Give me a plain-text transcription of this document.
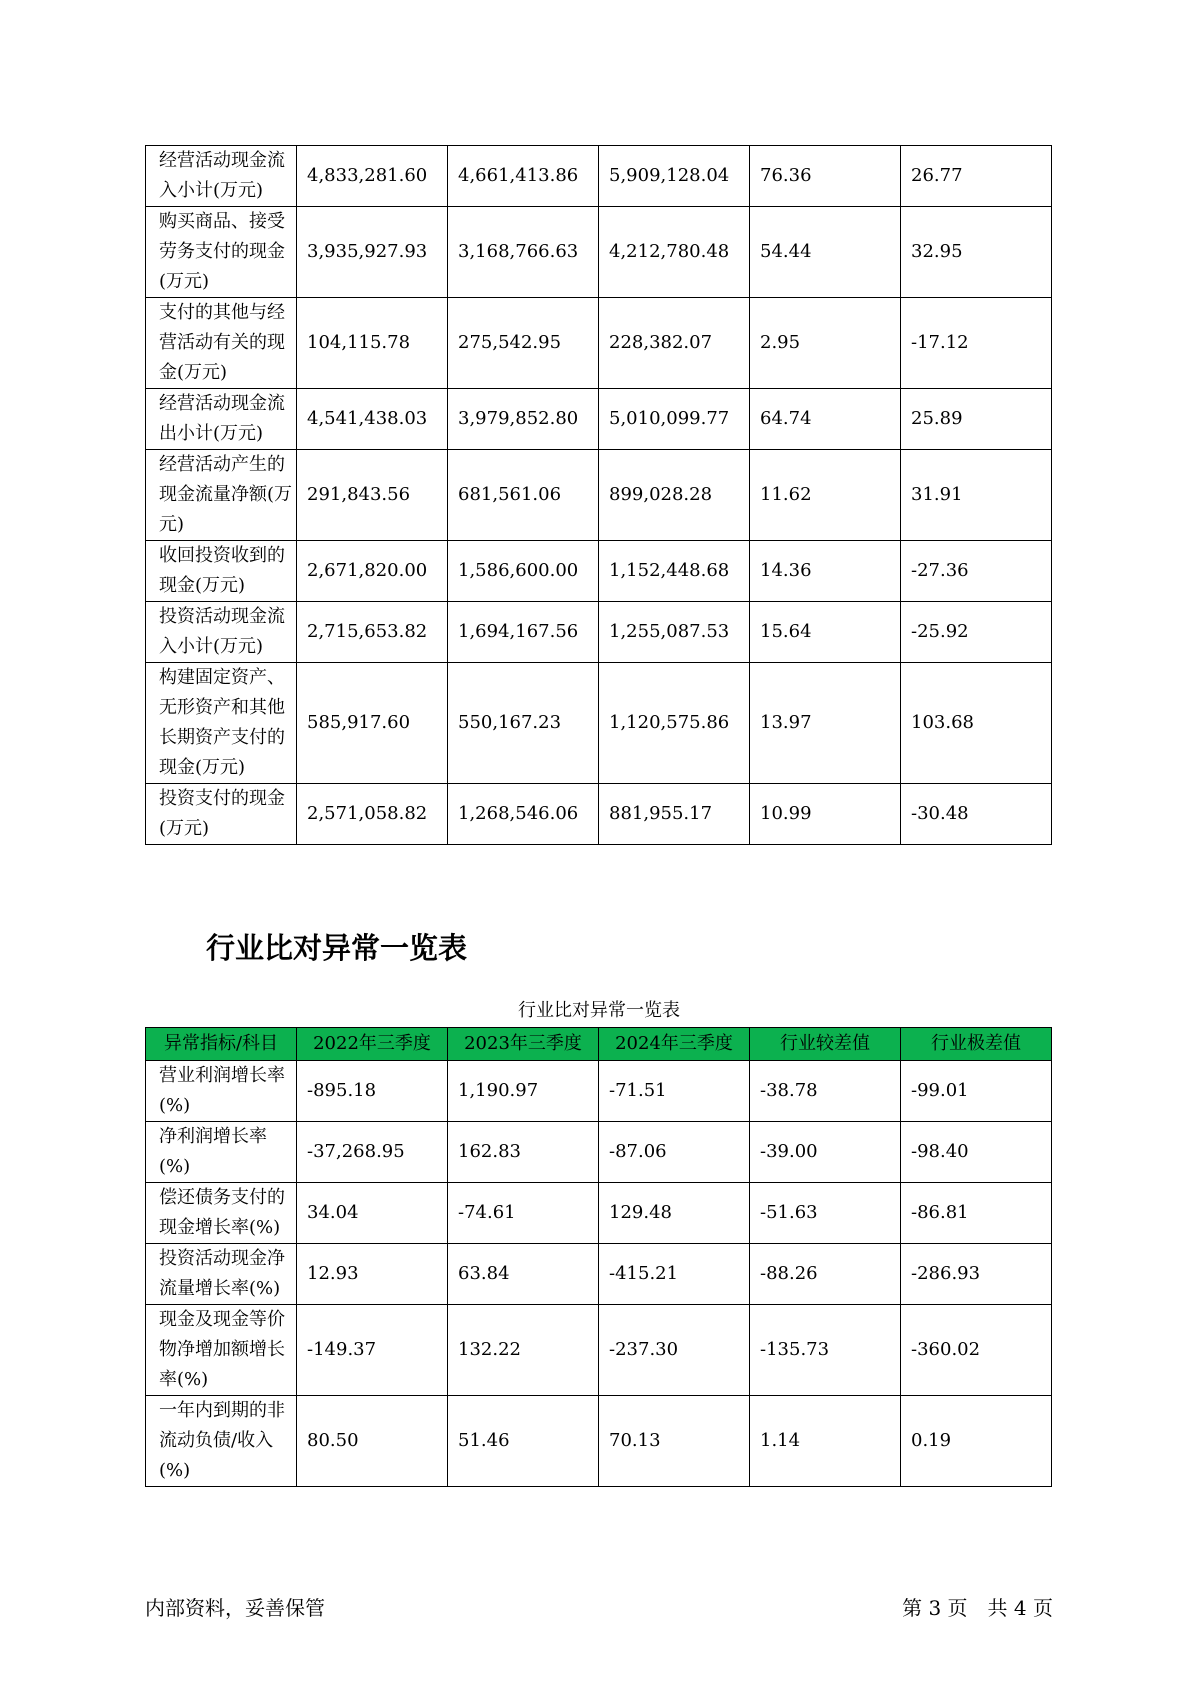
经营活动现金流入小计(万元)	4,833,281.60	4,661,413.86	5,909,128.04	76.36	26.77
购买商品、接受劳务支付的现金(万元)	3,935,927.93	3,168,766.63	4,212,780.48	54.44	32.95
支付的其他与经营活动有关的现金(万元)	104,115.78	275,542.95	228,382.07	2.95	-17.12
经营活动现金流出小计(万元)	4,541,438.03	3,979,852.80	5,010,099.77	64.74	25.89
经营活动产生的现金流量净额(万元)	291,843.56	681,561.06	899,028.28	11.62	31.91
收回投资收到的现金(万元)	2,671,820.00	1,586,600.00	1,152,448.68	14.36	-27.36
投资活动现金流入小计(万元)	2,715,653.82	1,694,167.56	1,255,087.53	15.64	-25.92
构建固定资产、无形资产和其他长期资产支付的现金(万元)	585,917.60	550,167.23	1,120,575.86	13.97	103.68
投资支付的现金(万元)	2,571,058.82	1,268,546.06	881,955.17	10.99	-30.48
行业比对异常一览表
行业比对异常一览表
异常指标/科目	2022年三季度	2023年三季度	2024年三季度	行业较差值	行业极差值
营业利润增长率(%)	-895.18	1,190.97	-71.51	-38.78	-99.01
净利润增长率(%)	-37,268.95	162.83	-87.06	-39.00	-98.40
偿还债务支付的现金增长率(%)	34.04	-74.61	129.48	-51.63	-86.81
投资活动现金净流量增长率(%)	12.93	63.84	-415.21	-88.26	-286.93
现金及现金等价物净增加额增长率(%)	-149.37	132.22	-237.30	-135.73	-360.02
一年内到期的非流动负债/收入(%)	80.50	51.46	70.13	1.14	0.19
内部资料，妥善保管	第 3 页　共 4 页
